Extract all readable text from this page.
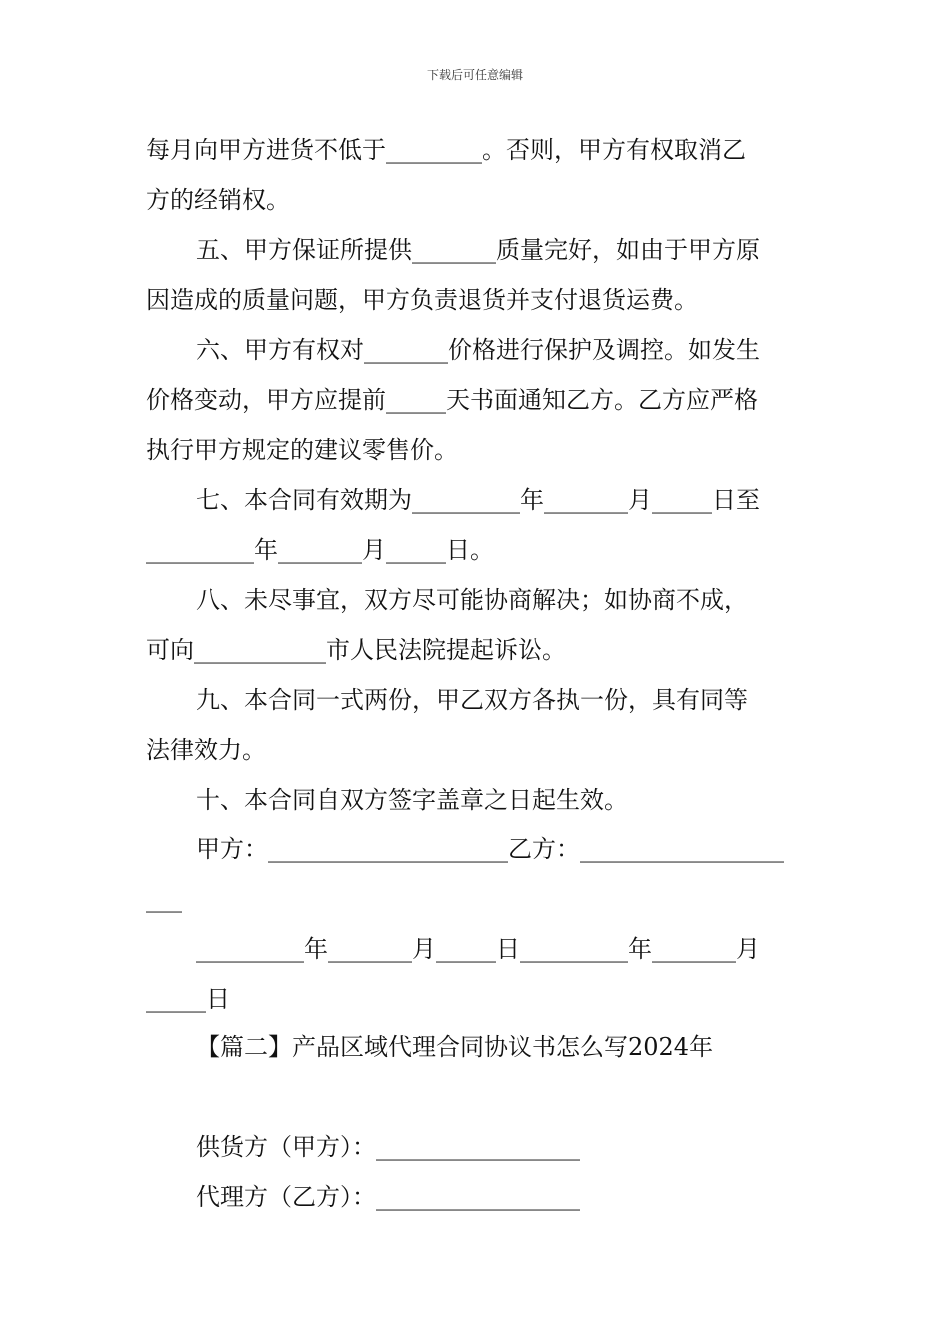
下载后可任意编辑
每月向甲方进货不低于________。否则，甲方有权取消乙
方的经销权。
五、甲方保证所提供_______质量完好，如由于甲方原
因造成的质量问题，甲方负责退货并支付退货运费。
六、甲方有权对_______价格进行保护及调控。如发生
价格变动，甲方应提前_____天书面通知乙方。乙方应严格
执行甲方规定的建议零售价。
七、本合同有效期为_________年_______月_____日至
_________年_______月_____日。
八、未尽事宜，双方尽可能协商解决；如协商不成，
可向___________市人民法院提起诉讼。
九、本合同一式两份，甲乙双方各执一份，具有同等
法律效力。
十、本合同自双方签字盖章之日起生效。
甲方：____________________乙方：_________________
___
_________年_______月_____日_________年_______月
_____日
【篇二】产品区域代理合同协议书怎么写2024年
供货方（甲方）：_________________
代理方（乙方）：_________________
